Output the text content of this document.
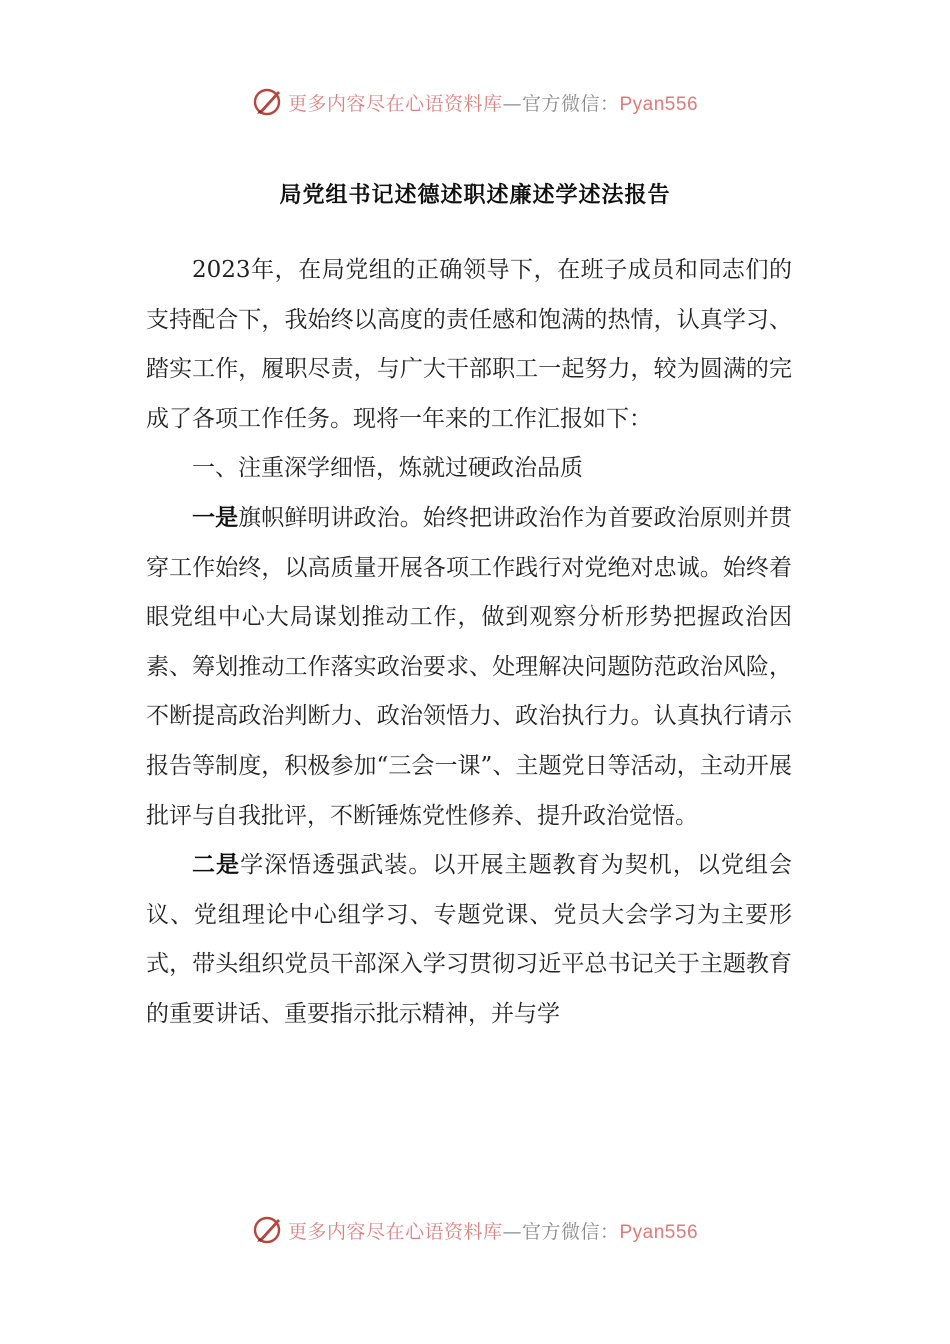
更多内容尽在心语资料库—官方微信：Pyan556
局党组书记述德述职述廉述学述法报告

2023年，在局党组的正确领导下，在班子成员和同志们的支持配合下，我始终以高度的责任感和饱满的热情，认真学习、踏实工作，履职尽责，与广大干部职工一起努力，较为圆满的完成了各项工作任务。现将一年来的工作汇报如下：

一、注重深学细悟，炼就过硬政治品质

一是旗帜鲜明讲政治。始终把讲政治作为首要政治原则并贯穿工作始终，以高质量开展各项工作践行对党绝对忠诚。始终着眼党组中心大局谋划推动工作，做到观察分析形势把握政治因素、筹划推动工作落实政治要求、处理解决问题防范政治风险，不断提高政治判断力、政治领悟力、政治执行力。认真执行请示报告等制度，积极参加“三会一课”、主题党日等活动，主动开展批评与自我批评，不断锤炼党性修养、提升政治觉悟。

二是学深悟透强武装。以开展主题教育为契机，以党组会议、党组理论中心组学习、专题党课、党员大会学习为主要形式，带头组织党员干部深入学习贯彻习近平总书记关于主题教育的重要讲话、重要指示批示精神，并与学

更多内容尽在心语资料库—官方微信：Pyan556
